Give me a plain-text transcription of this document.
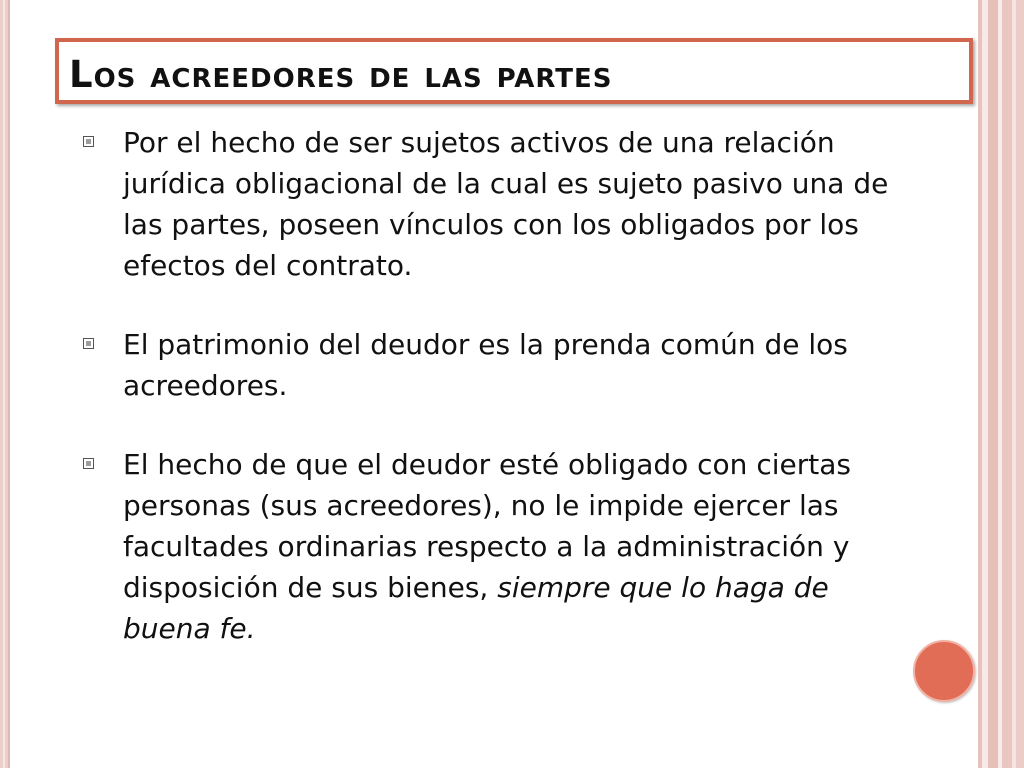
Los acreedores de las partes
Por el hecho de ser sujetos activos de una relación jurídica obligacional de la cual es sujeto pasivo una de las partes, poseen vínculos con los obligados por los efectos del contrato.
El patrimonio del deudor es la prenda común de los acreedores.
El hecho de que el deudor esté obligado con ciertas personas (sus acreedores), no le impide ejercer las facultades ordinarias respecto a la administración y disposición de sus bienes, siempre que lo haga de buena fe.
